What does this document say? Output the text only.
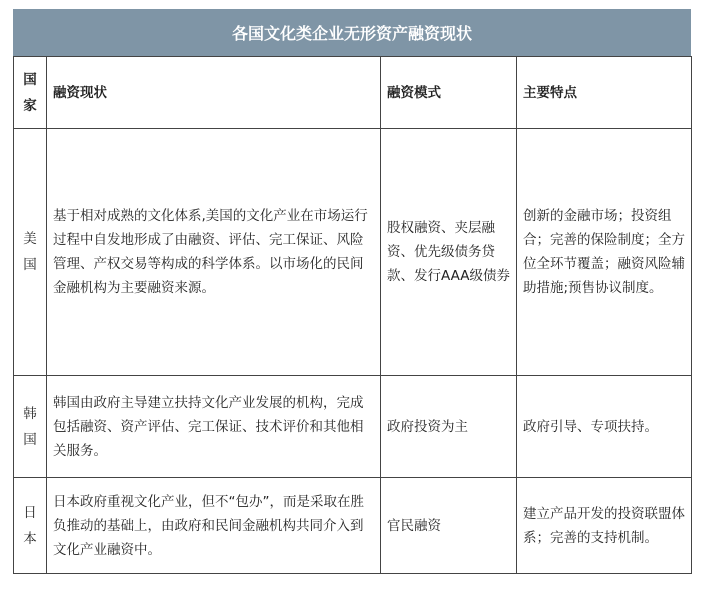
各国文化类企业无形资产融资现状
国家	融资现状	融资模式	主要特点

美国	基于相对成熟的文化体系,美国的文化产业在市场运行过程中自发地形成了由融资、评估、完工保证、风险管理、产权交易等构成的科学体系。以市场化的民间金融机构为主要融资来源。	股权融资、夹层融资、优先级债务贷款、发行AAA级债券	创新的金融市场；投资组合；完善的保险制度；全方位全环节覆盖；融资风险辅助措施;预售协议制度。

韩国	韩国由政府主导建立扶持文化产业发展的机构，完成包括融资、资产评估、完工保证、技术评价和其他相关服务。	政府投资为主	政府引导、专项扶持。

日本	日本政府重视文化产业，但不“包办”，而是采取在胜负推动的基础上，由政府和民间金融机构共同介入到文化产业融资中。	官民融资	建立产品开发的投资联盟体系；完善的支持机制。
